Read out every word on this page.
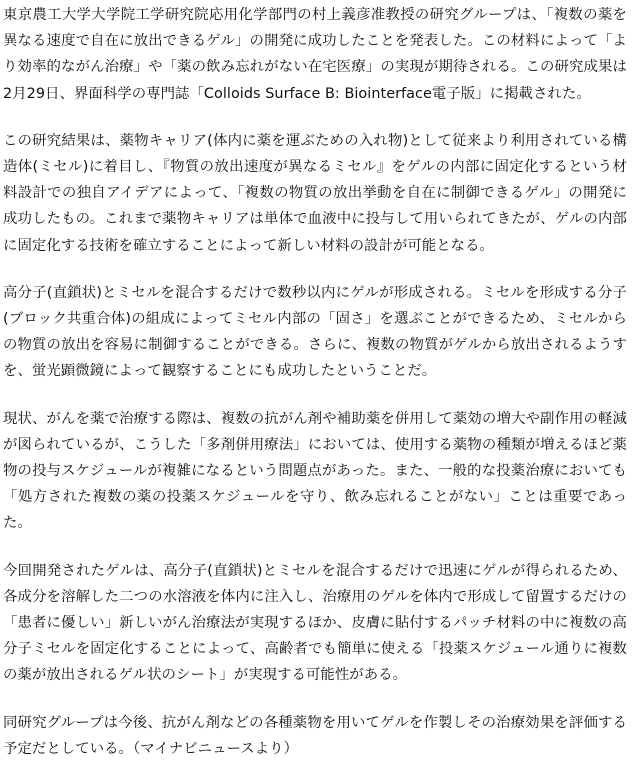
東京農工大学大学院工学研究院応用化学部門の村上義彦准教授の研究グループは、「複数の薬を異なる速度で自在に放出できるゲル」の開発に成功したことを発表した。この材料によって「より効率的ながん治療」や「薬の飲み忘れがない在宅医療」の実現が期待される。この研究成果は2月29日、界面科学の専門誌「Colloids Surface B: Biointerface電子版」に掲載された。

この研究結果は、薬物キャリア(体内に薬を運ぶための入れ物)として従来より利用されている構造体(ミセル)に着目し、『物質の放出速度が異なるミセル』をゲルの内部に固定化するという材料設計での独自アイデアによって、「複数の物質の放出挙動を自在に制御できるゲル」の開発に成功したもの。これまで薬物キャリアは単体で血液中に投与して用いられてきたが、ゲルの内部に固定化する技術を確立することによって新しい材料の設計が可能となる。

高分子(直鎖状)とミセルを混合するだけで数秒以内にゲルが形成される。ミセルを形成する分子(ブロック共重合体)の組成によってミセル内部の「固さ」を選ぶことができるため、ミセルからの物質の放出を容易に制御することができる。さらに、複数の物質がゲルから放出されるようすを、蛍光顕微鏡によって観察することにも成功したということだ。

現状、がんを薬で治療する際は、複数の抗がん剤や補助薬を併用して薬効の増大や副作用の軽減が図られているが、こうした「多剤併用療法」においては、使用する薬物の種類が増えるほど薬物の投与スケジュールが複雑になるという問題点があった。また、一般的な投薬治療においても「処方された複数の薬の投薬スケジュールを守り、飲み忘れることがない」ことは重要であった。

今回開発されたゲルは、高分子(直鎖状)とミセルを混合するだけで迅速にゲルが得られるため、各成分を溶解した二つの水溶液を体内に注入し、治療用のゲルを体内で形成して留置するだけの「患者に優しい」新しいがん治療法が実現するほか、皮膚に貼付するパッチ材料の中に複数の高分子ミセルを固定化することによって、高齢者でも簡単に使える「投薬スケジュール通りに複数の薬が放出されるゲル状のシート」が実現する可能性がある。

同研究グループは今後、抗がん剤などの各種薬物を用いてゲルを作製しその治療効果を評価する予定だとしている。（マイナビニュースより）
